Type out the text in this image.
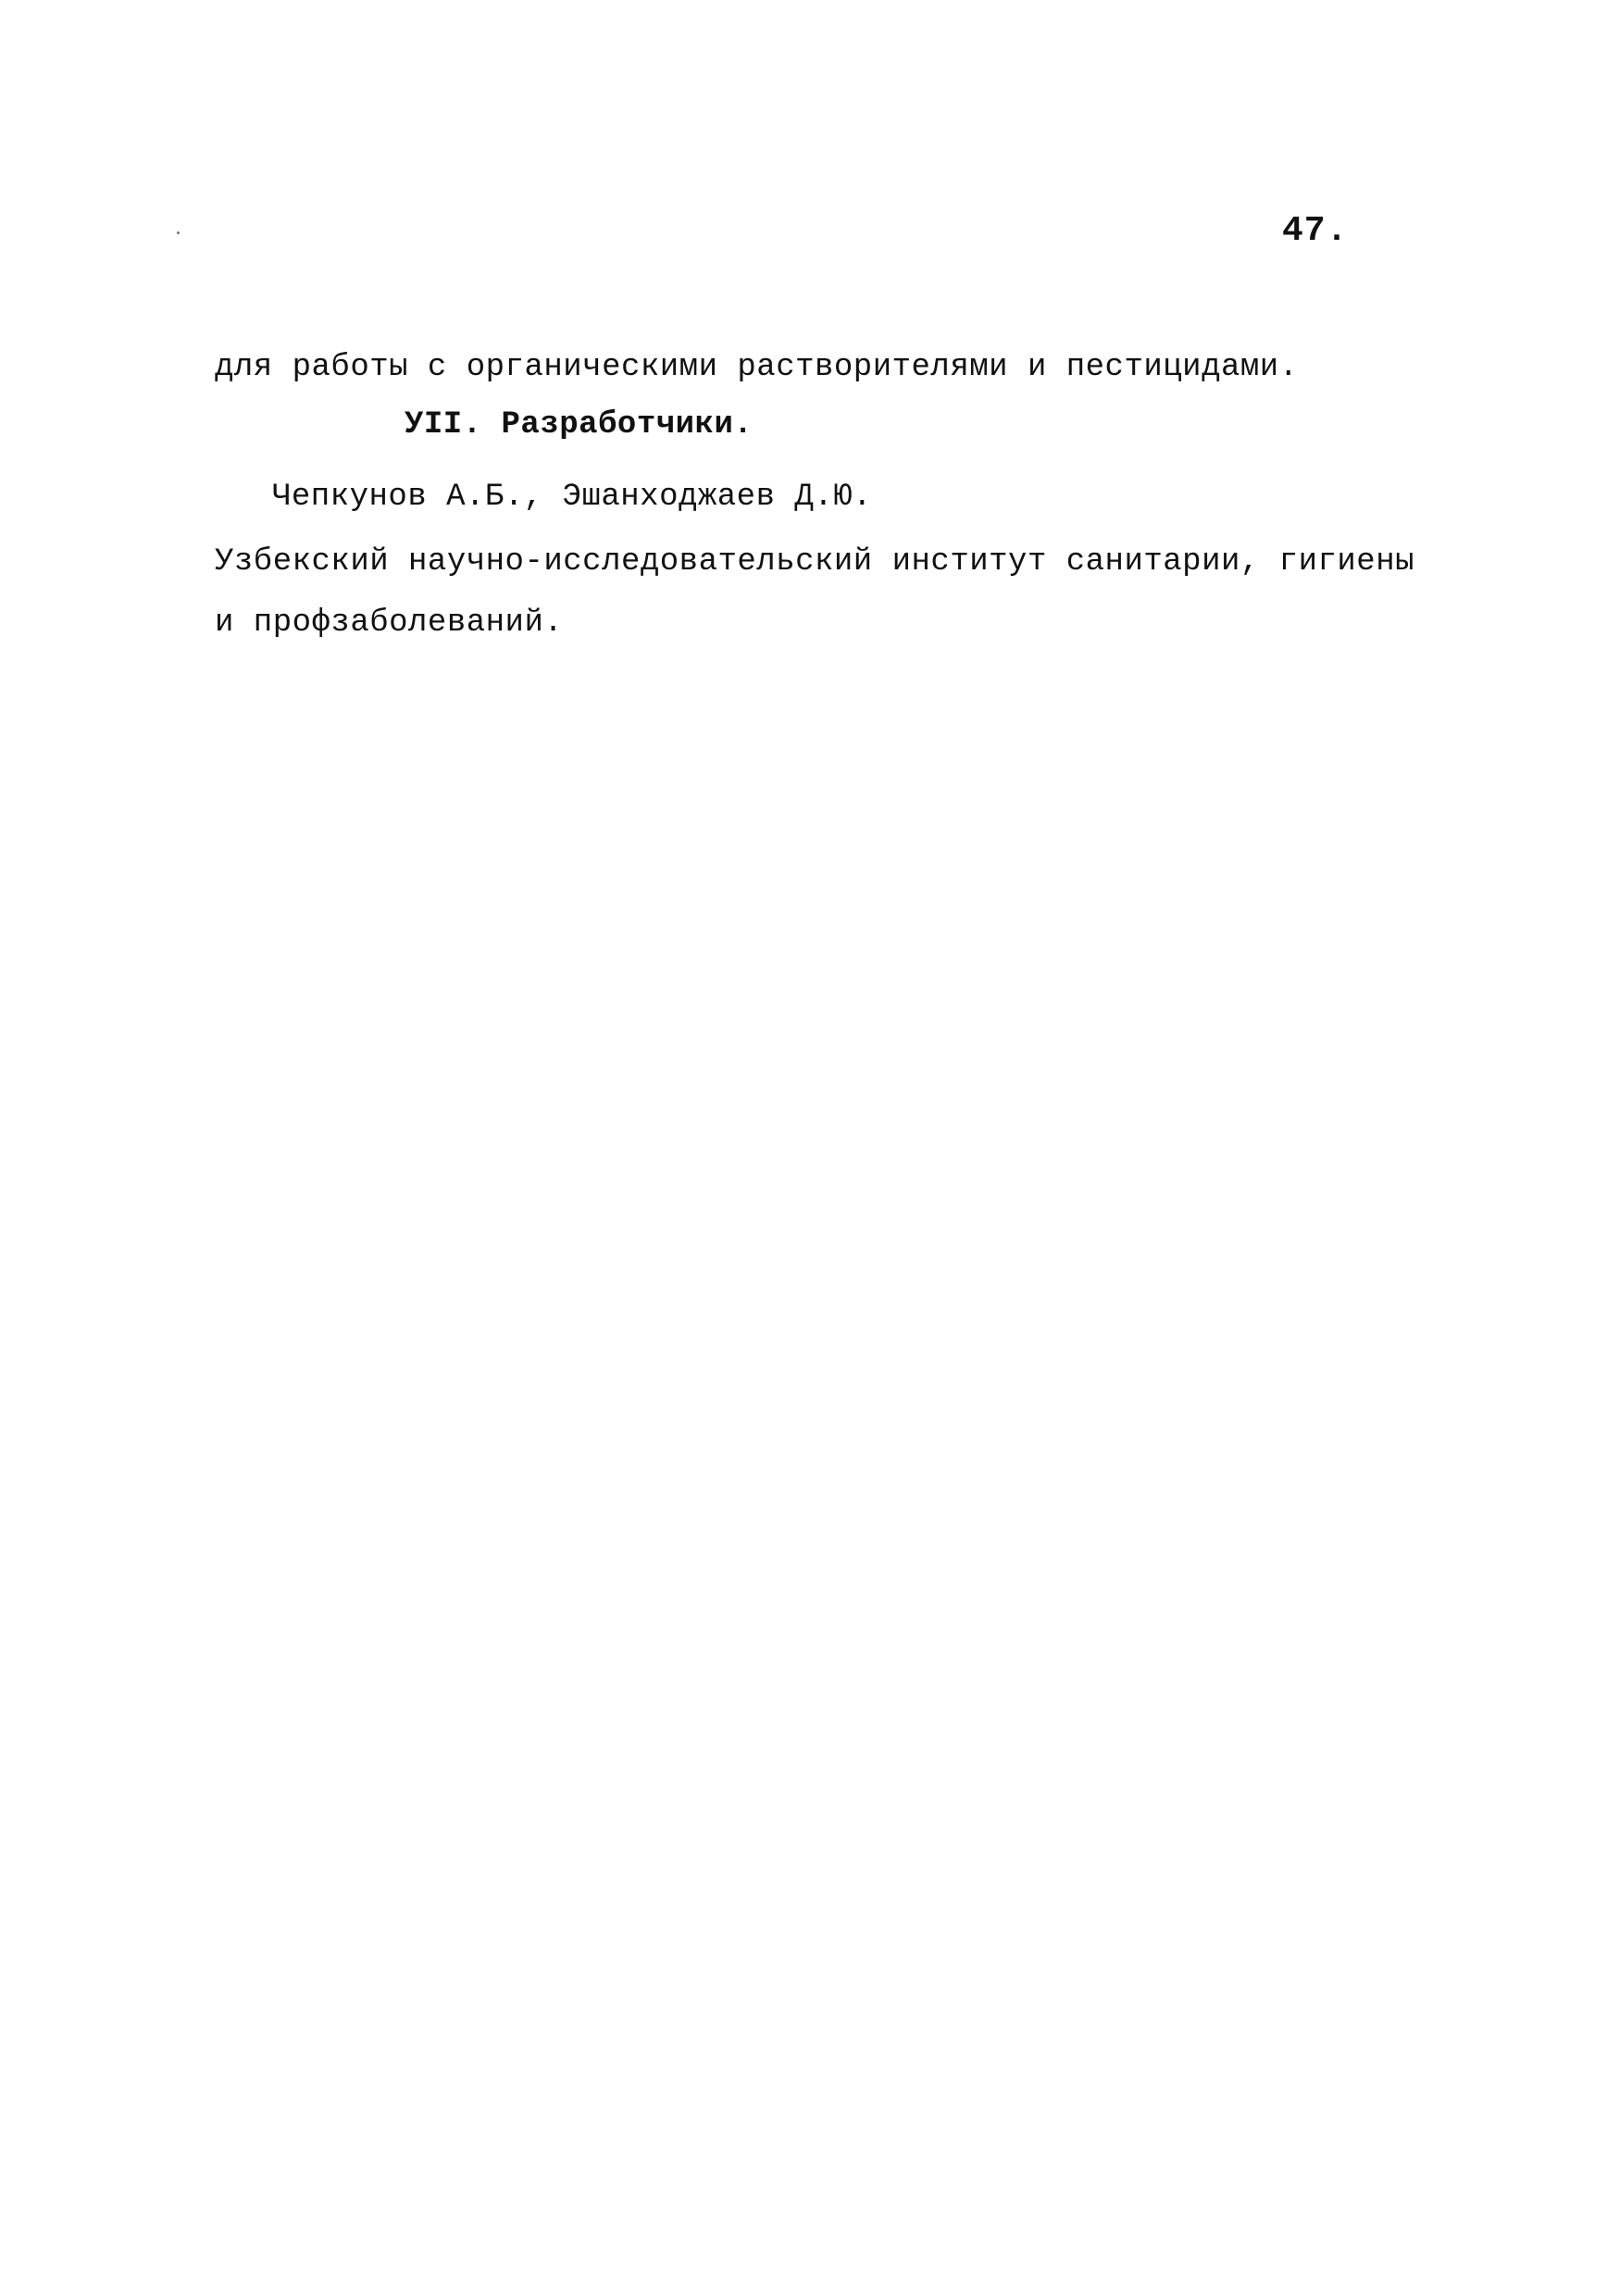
47.
для работы с органическими растворителями и пестицидами.
УII. Разработчики.
Чепкунов А.Б., Эшанходжаев Д.Ю.
Узбекский научно-исследовательский институт санитарии, гигиены
и профзаболеваний.
